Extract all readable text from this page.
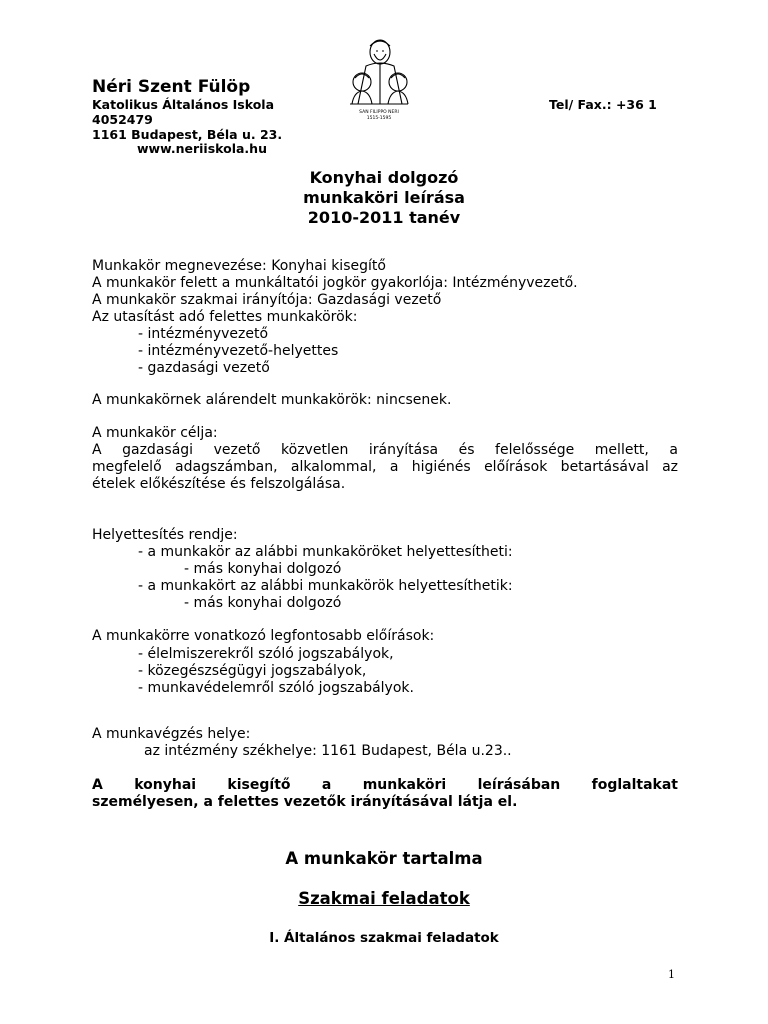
Néri Szent Fülöp
Katolikus Általános Iskola	Tel/ Fax.: +36 1
4052479
1161 Budapest, Béla u. 23.
www.neriiskola.hu
SAN FILIPPO NERI
1515-1595
Konyhai dolgozó
munkaköri leírása
2010-2011 tanév
Munkakör megnevezése: Konyhai kisegítő
A munkakör felett a munkáltatói jogkör gyakorlója: Intézményvezető.
A munkakör szakmai irányítója: Gazdasági vezető
Az utasítást adó felettes munkakörök:
- intézményvezető
- intézményvezető-helyettes
- gazdasági vezető
A munkakörnek alárendelt munkakörök: nincsenek.
A munkakör célja:
A gazdasági vezető közvetlen irányítása és felelőssége mellett, a
megfelelő adagszámban, alkalommal, a higiénés előírások betartásával az
ételek előkészítése és felszolgálása.
Helyettesítés rendje:
- a munkakör az alábbi munkaköröket helyettesítheti:
- más konyhai dolgozó
- a munkakört az alábbi munkakörök helyettesíthetik:
- más konyhai dolgozó
A munkakörre vonatkozó legfontosabb előírások:
- élelmiszerekről szóló jogszabályok,
- közegészségügyi jogszabályok,
- munkavédelemről szóló jogszabályok.
A munkavégzés helye:
az intézmény székhelye: 1161 Budapest, Béla u.23..
A konyhai kisegítő a munkaköri leírásában foglaltakat
személyesen, a felettes vezetők irányításával látja el.
A munkakör tartalma
Szakmai feladatok
I. Általános szakmai feladatok
1
